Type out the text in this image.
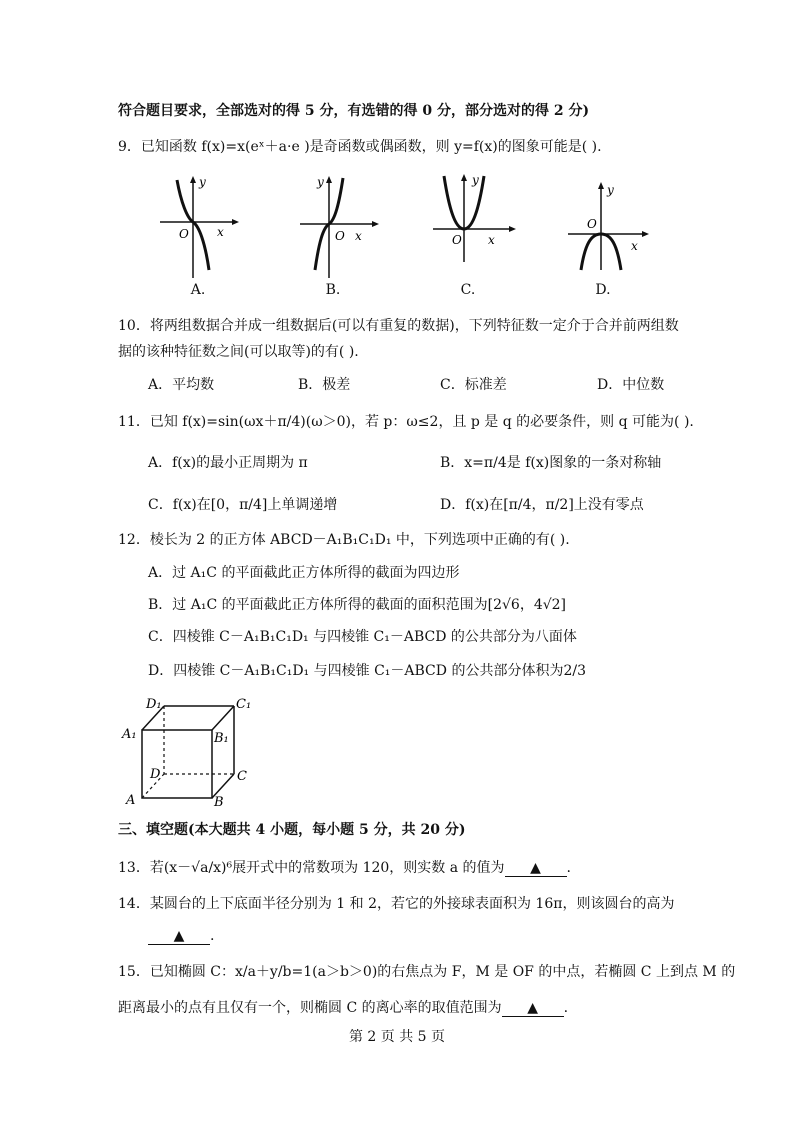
符合题目要求，全部选对的得 5 分，有选错的得 0 分，部分选对的得 2 分)
9．已知函数 f(x)=x(eˣ＋a·e )是奇函数或偶函数，则 y=f(x)的图象可能是( ).
y
x
O
A.
y
x
O
B.
y
x
O
C.
y
x
O
D.
10．将两组数据合并成一组数据后(可以有重复的数据)，下列特征数一定介于合并前两组数
据的该种特征数之间(可以取等)的有( ).
A．平均数	B．极差	C．标准差	D．中位数
11．已知 f(x)=sin(ωx＋π/4)(ω＞0)，若 p：ω≤2，且 p 是 q 的必要条件，则 q 可能为( ).
A．f(x)的最小正周期为 π	B．x=π/4是 f(x)图象的一条对称轴
C．f(x)在[0，π/4]上单调递增	D．f(x)在[π/4，π/2]上没有零点
12．棱长为 2 的正方体 ABCD－A₁B₁C₁D₁ 中，下列选项中正确的有( ).
A．过 A₁C 的平面截此正方体所得的截面为四边形
B．过 A₁C 的平面截此正方体所得的截面的面积范围为[2√6，4√2]
C．四棱锥 C－A₁B₁C₁D₁ 与四棱锥 C₁－ABCD 的公共部分为八面体
D．四棱锥 C－A₁B₁C₁D₁ 与四棱锥 C₁－ABCD 的公共部分体积为2/3
D₁	C₁
A₁	B₁
D	C
A	B
三、填空题(本大题共 4 小题，每小题 5 分，共 20 分)
13．若(x－√a/x)⁶展开式中的常数项为 120，则实数 a 的值为 ▲ .
14．某圆台的上下底面半径分别为 1 和 2，若它的外接球表面积为 16π，则该圆台的高为
▲ .
15．已知椭圆 C：x/a＋y/b=1(a＞b＞0)的右焦点为 F，M 是 OF 的中点，若椭圆 C 上到点 M 的
距离最小的点有且仅有一个，则椭圆 C 的离心率的取值范围为 ▲ .
第 2 页 共 5 页
